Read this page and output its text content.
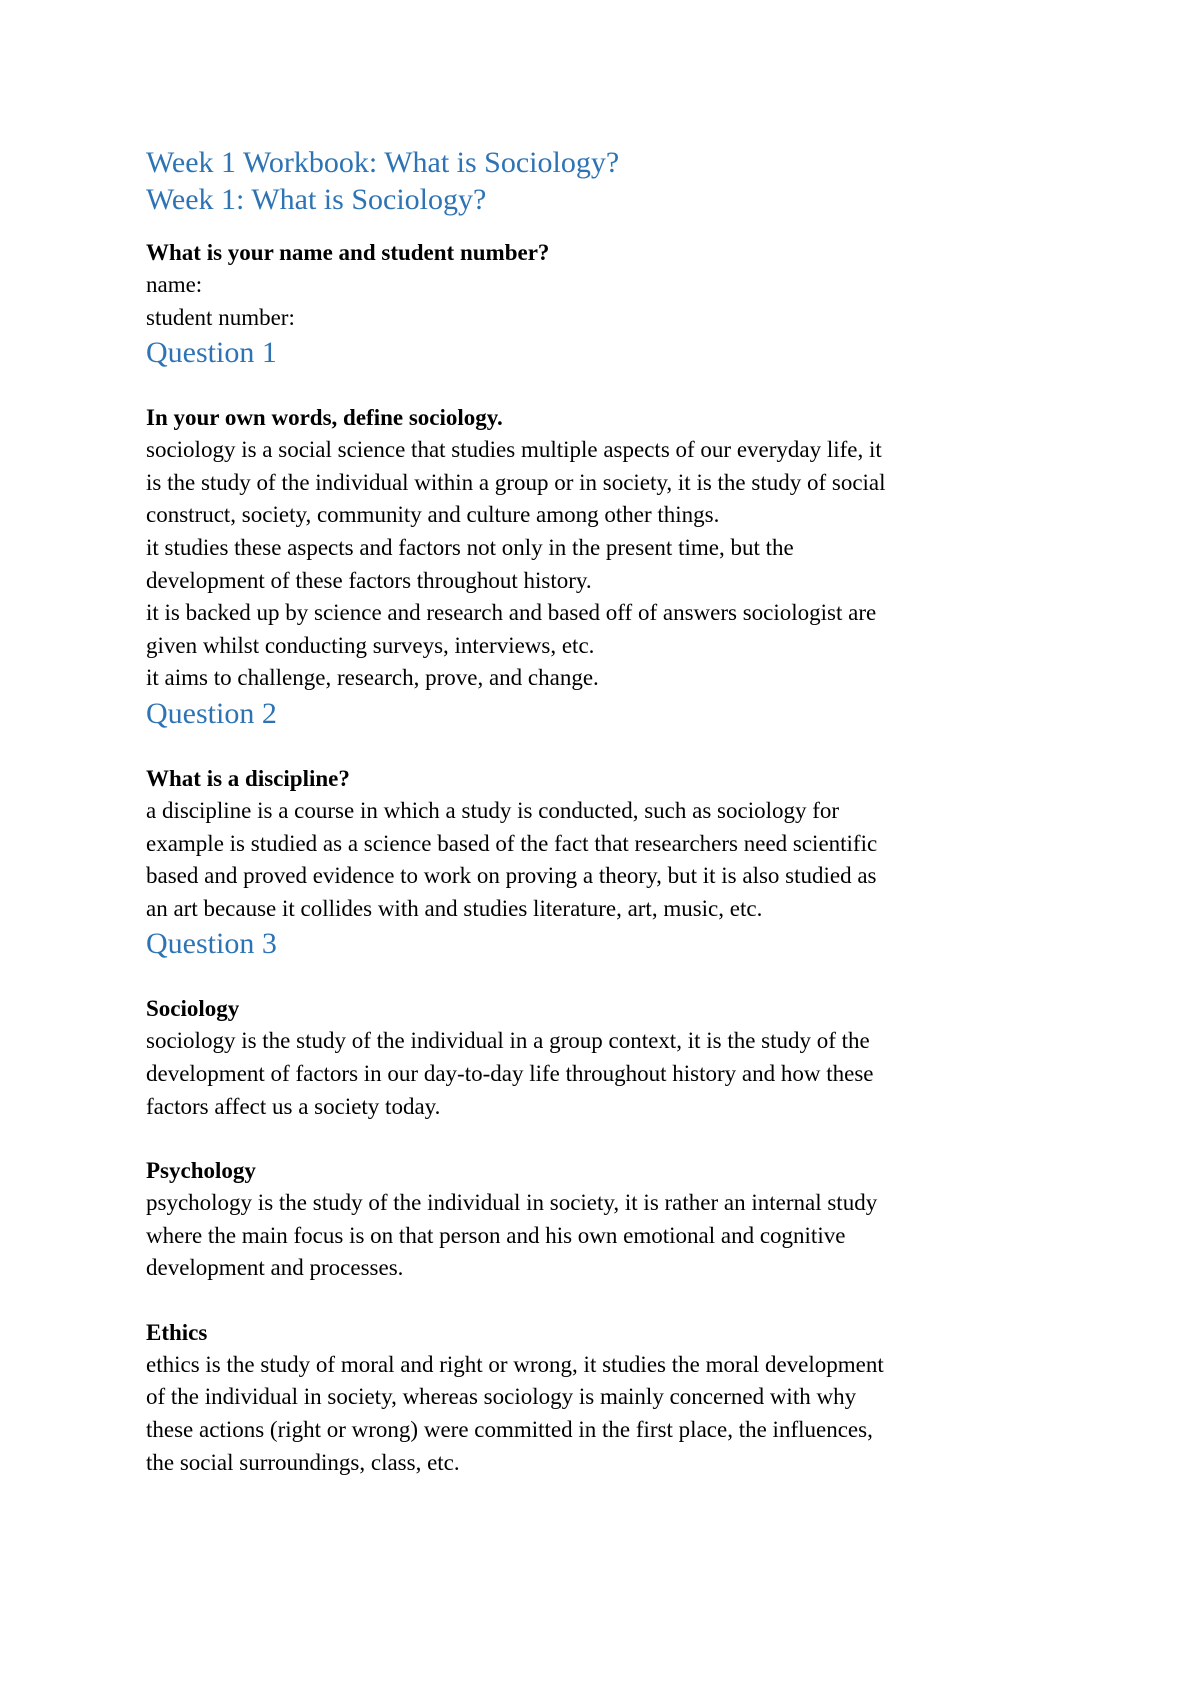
Week 1 Workbook: What is Sociology?
Week 1: What is Sociology?
What is your name and student number?
name:
student number:
Question 1
In your own words, define sociology.
sociology is a social science that studies multiple aspects of our everyday life, it
is the study of the individual within a group or in society, it is the study of social
construct, society, community and culture among other things.
it studies these aspects and factors not only in the present time, but the
development of these factors throughout history.
it is backed up by science and research and based off of answers sociologist are
given whilst conducting surveys, interviews, etc.
it aims to challenge, research, prove, and change.
Question 2
What is a discipline?
a discipline is a course in which a study is conducted, such as sociology for
example is studied as a science based of the fact that researchers need scientific
based and proved evidence to work on proving a theory, but it is also studied as
an art because it collides with and studies literature, art, music, etc.
Question 3
Sociology
sociology is the study of the individual in a group context, it is the study of the
development of factors in our day-to-day life throughout history and how these
factors affect us a society today.
Psychology
psychology is the study of the individual in society, it is rather an internal study
where the main focus is on that person and his own emotional and cognitive
development and processes.
Ethics
ethics is the study of moral and right or wrong, it studies the moral development
of the individual in society, whereas sociology is mainly concerned with why
these actions (right or wrong) were committed in the first place, the influences,
the social surroundings, class, etc.
